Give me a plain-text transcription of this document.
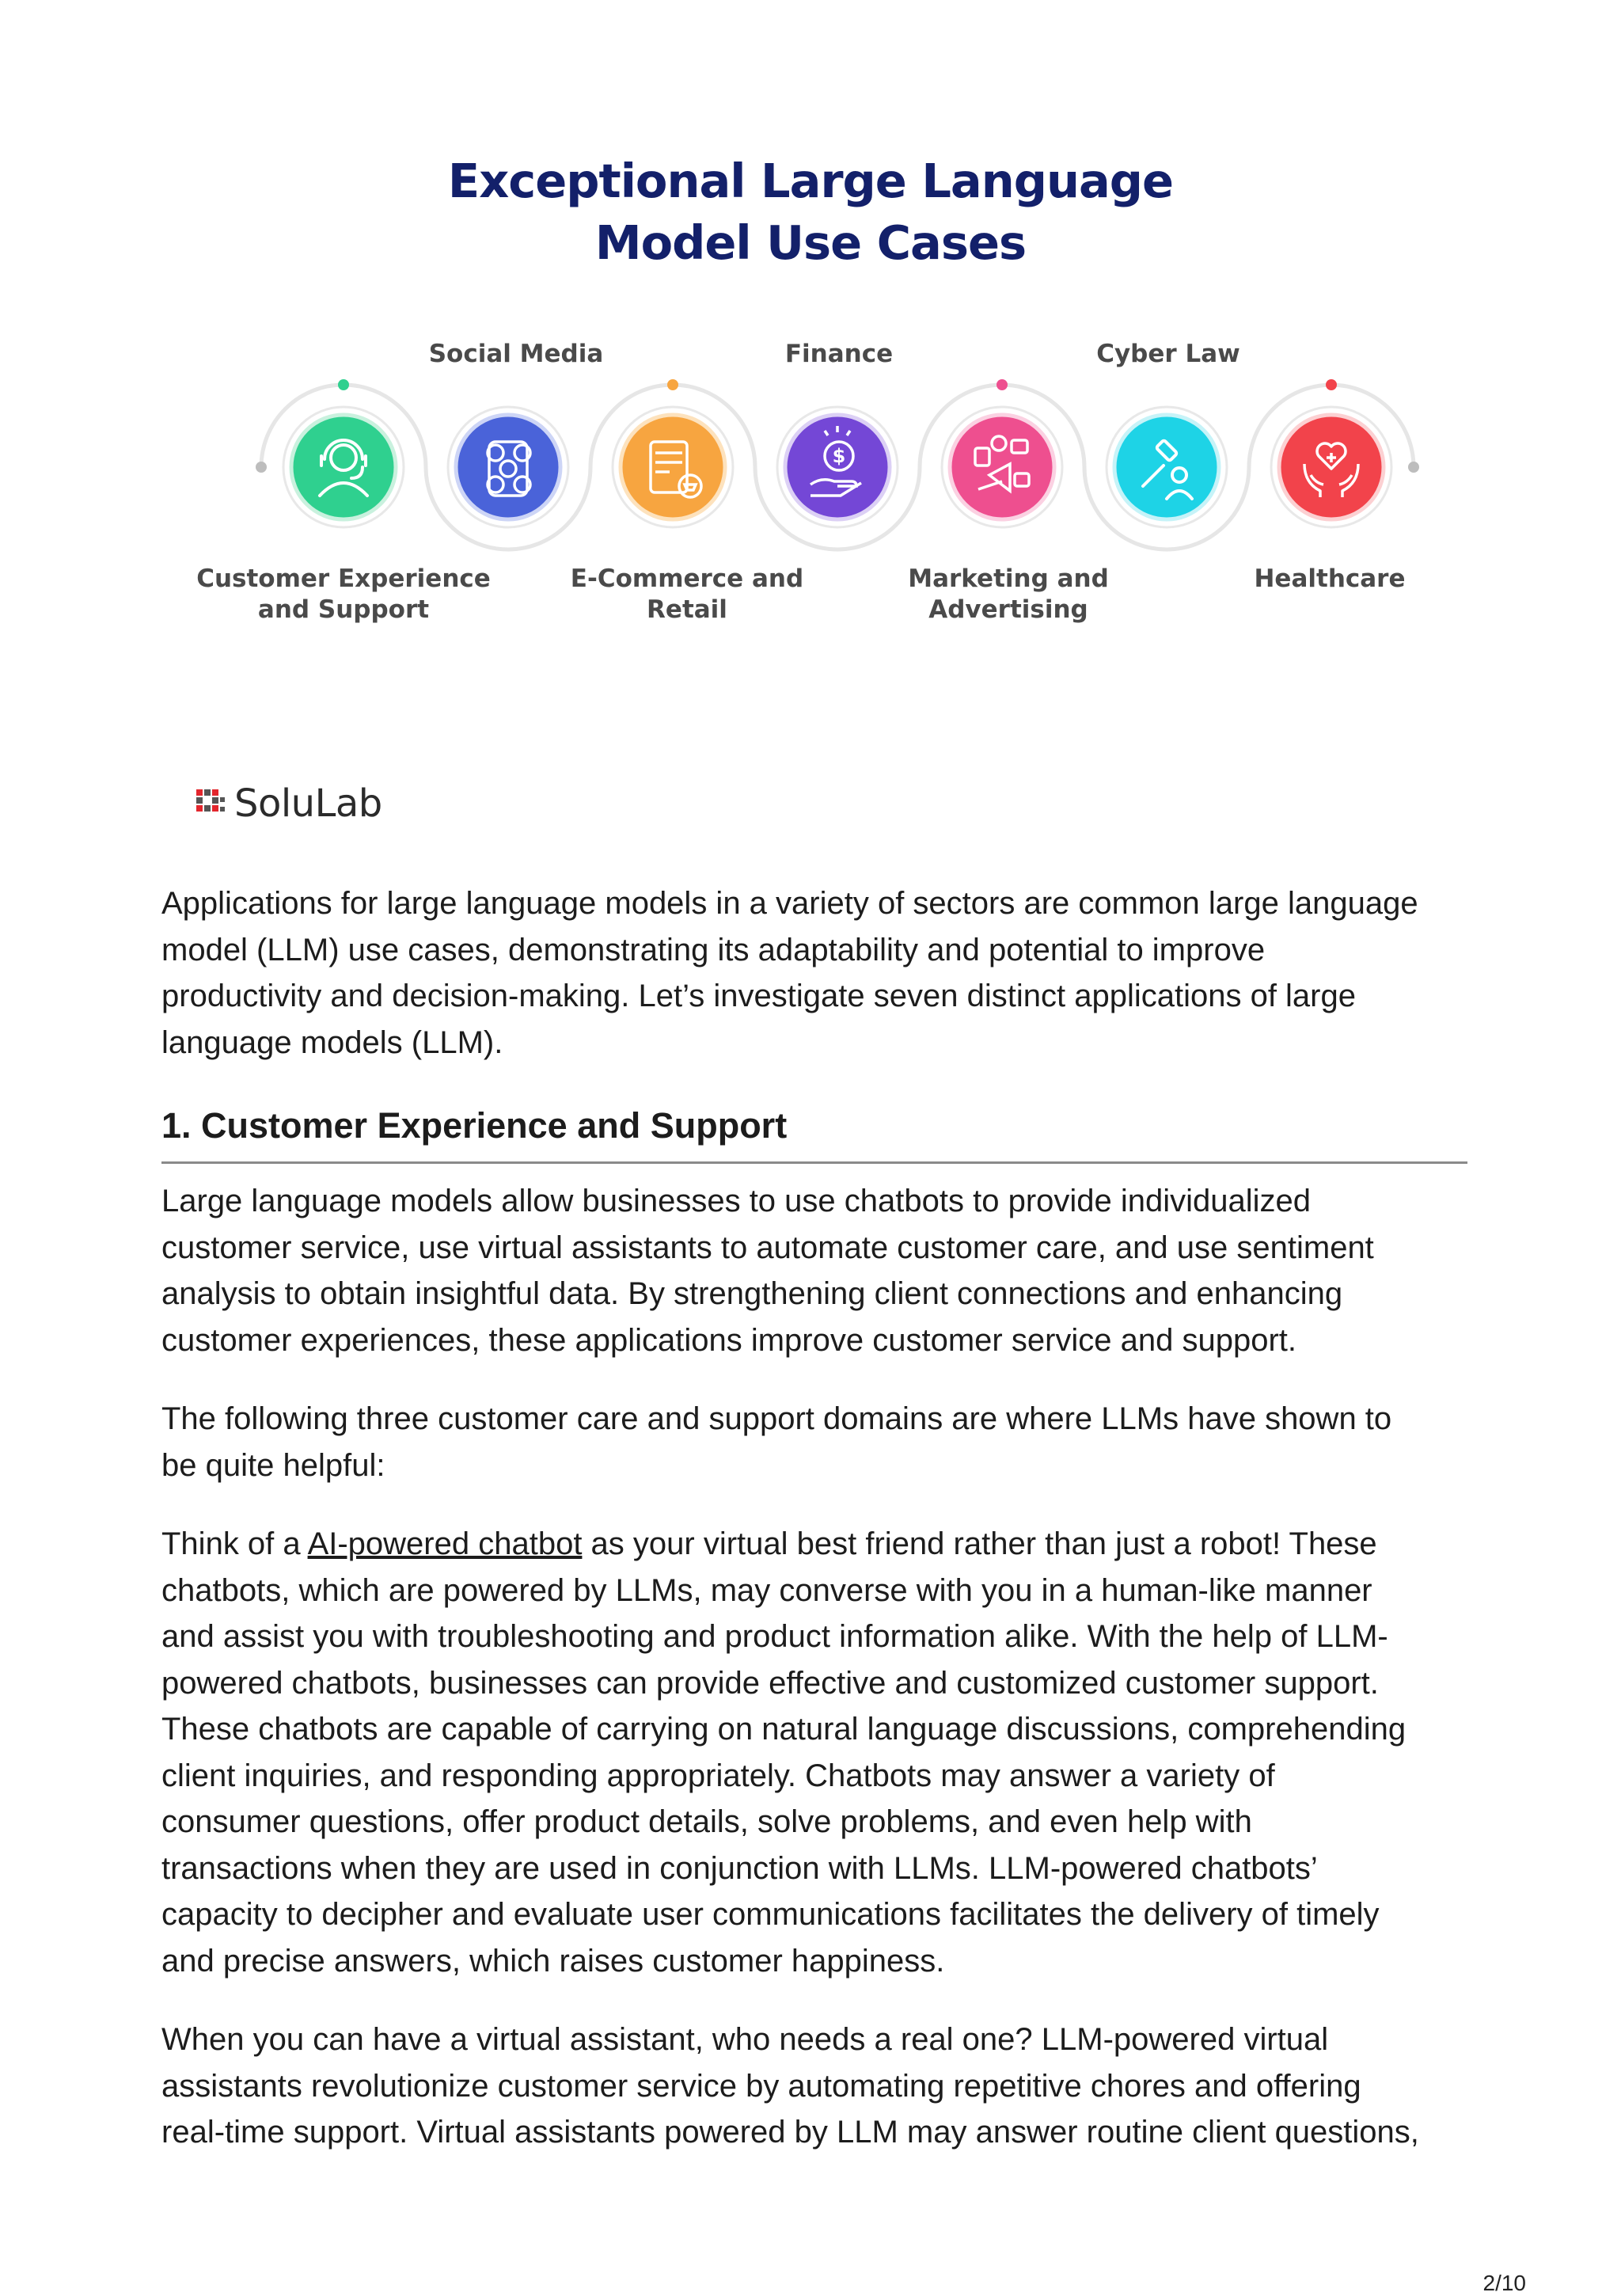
Exceptional Large Language
Model Use Cases
$
Social Media	Finance	Cyber Law
Customer Experience
and Support
E-Commerce and
Retail
Marketing and
Advertising
Healthcare
SoluLab
Applications for large language models in a variety of sectors are common large language
model (LLM) use cases, demonstrating its adaptability and potential to improve
productivity and decision-making. Let’s investigate seven distinct applications of large
language models (LLM).
1. Customer Experience and Support
Large language models allow businesses to use chatbots to provide individualized
customer service, use virtual assistants to automate customer care, and use sentiment
analysis to obtain insightful data. By strengthening client connections and enhancing
customer experiences, these applications improve customer service and support.
The following three customer care and support domains are where LLMs have shown to
be quite helpful:
Think of a AI-powered chatbot as your virtual best friend rather than just a robot! These
chatbots, which are powered by LLMs, may converse with you in a human-like manner
and assist you with troubleshooting and product information alike. With the help of LLM-
powered chatbots, businesses can provide effective and customized customer support.
These chatbots are capable of carrying on natural language discussions, comprehending
client inquiries, and responding appropriately. Chatbots may answer a variety of
consumer questions, offer product details, solve problems, and even help with
transactions when they are used in conjunction with LLMs. LLM-powered chatbots’
capacity to decipher and evaluate user communications facilitates the delivery of timely
and precise answers, which raises customer happiness.
When you can have a virtual assistant, who needs a real one? LLM-powered virtual
assistants revolutionize customer service by automating repetitive chores and offering
real-time support. Virtual assistants powered by LLM may answer routine client questions,
2/10
